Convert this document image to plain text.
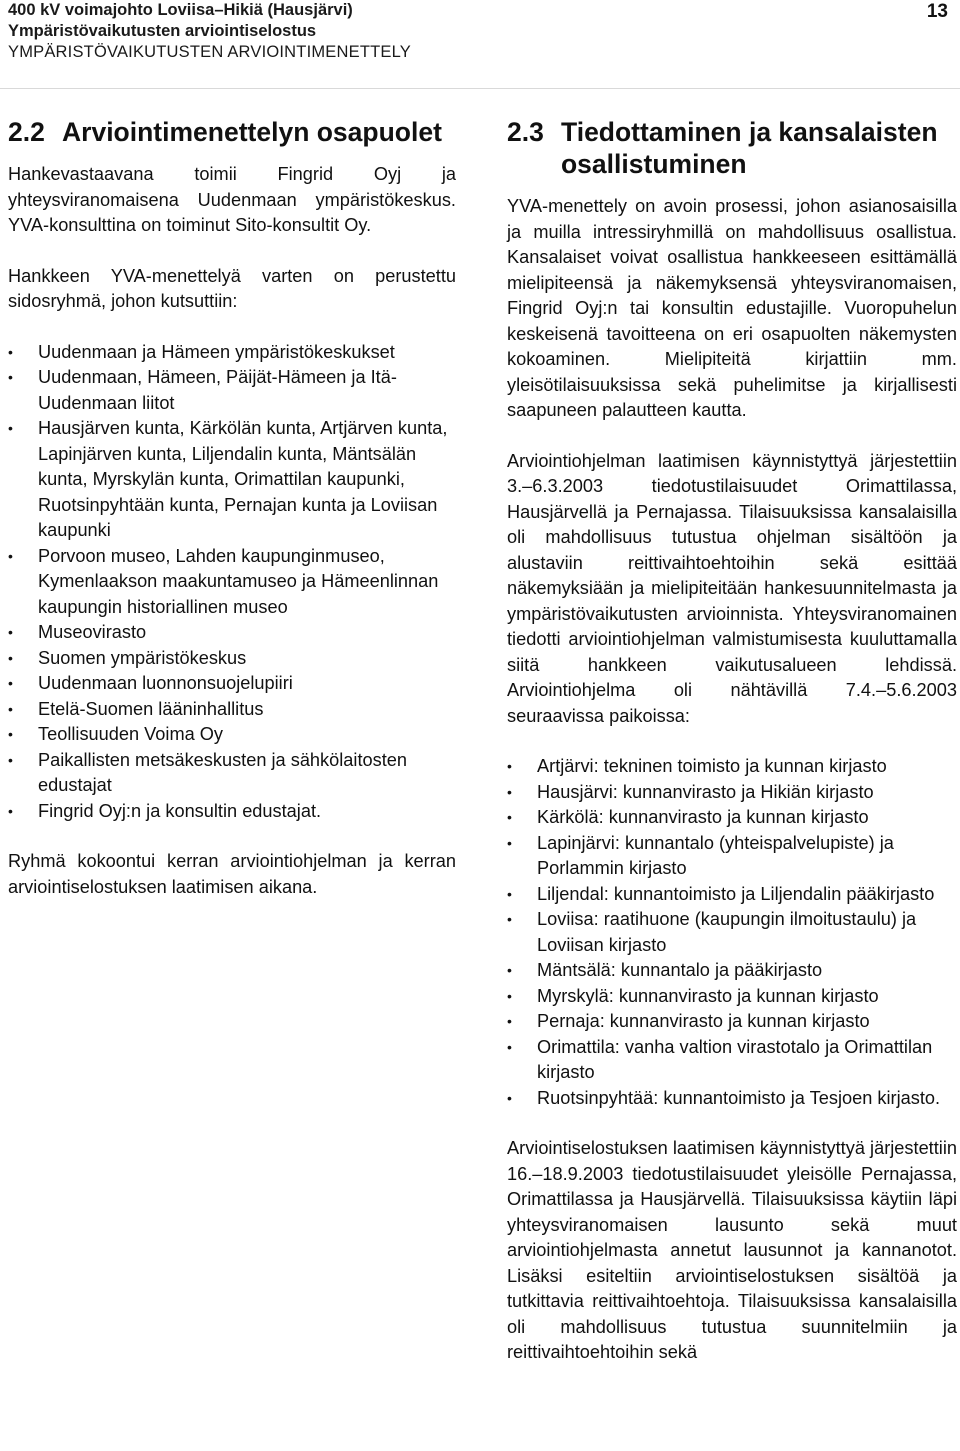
400 kV voimajohto Loviisa–Hikiä (Hausjärvi)
Ympäristövaikutusten arviointiselostus
YMPÄRISTÖVAIKUTUSTEN ARVIOINTIMENETTELY
13
2.2 Arviointimenettelyn osapuolet

Hankevastaavana toimii Fingrid Oyj ja yhteysviranomaisena Uudenmaan ympäristökeskus. YVA-konsulttina on toiminut Sito-konsultit Oy.

Hankkeen YVA-menettelyä varten on perustettu sidosryhmä, johon kutsuttiin:

• Uudenmaan ja Hämeen ympäristökeskukset
• Uudenmaan, Hämeen, Päijät-Hämeen ja Itä-Uudenmaan liitot
• Hausjärven kunta, Kärkölän kunta, Artjärven kunta, Lapinjärven kunta, Liljendalin kunta, Mäntsälän kunta, Myrskylän kunta, Orimattilan kaupunki, Ruotsinpyhtään kunta, Pernajan kunta ja Loviisan kaupunki
• Porvoon museo, Lahden kaupunginmuseo, Kymenlaakson maakuntamuseo ja Hämeenlinnan kaupungin historiallinen museo
• Museovirasto
• Suomen ympäristökeskus
• Uudenmaan luonnonsuojelupiiri
• Etelä-Suomen lääninhallitus
• Teollisuuden Voima Oy
• Paikallisten metsäkeskusten ja sähkölaitosten edustajat
• Fingrid Oyj:n ja konsultin edustajat.

Ryhmä kokoontui kerran arviointiohjelman ja kerran arviointiselostuksen laatimisen aikana.

2.3 Tiedottaminen ja kansalaisten osallistuminen

YVA-menettely on avoin prosessi, johon asianosaisilla ja muilla intressiryhmillä on mahdollisuus osallistua. Kansalaiset voivat osallistua hankkeeseen esittämällä mielipiteensä ja näkemyksensä yhteysviranomaisen, Fingrid Oyj:n tai konsultin edustajille. Vuoropuhelun keskeisenä tavoitteena on eri osapuolten näkemysten kokoaminen. Mielipiteitä kirjattiin mm. yleisötilaisuuksissa sekä puhelimitse ja kirjallisesti saapuneen palautteen kautta.

Arviointiohjelman laatimisen käynnistyttyä järjestettiin 3.–6.3.2003 tiedotustilaisuudet Orimattilassa, Hausjärvellä ja Pernajassa. Tilaisuuksissa kansalaisilla oli mahdollisuus tutustua ohjelman sisältöön ja alustaviin reittivaihtoehtoihin sekä esittää näkemyksiään ja mielipiteitään hankesuunnitelmasta ja ympäristövaikutusten arvioinnista. Yhteysviranomainen tiedotti arviointiohjelman valmistumisesta kuuluttamalla siitä hankkeen vaikutusalueen lehdissä. Arviointiohjelma oli nähtävillä 7.4.–5.6.2003 seuraavissa paikoissa:

• Artjärvi: tekninen toimisto ja kunnan kirjasto
• Hausjärvi: kunnanvirasto ja Hikiän kirjasto
• Kärkölä: kunnanvirasto ja kunnan kirjasto
• Lapinjärvi: kunnantalo (yhteispalvelupiste) ja Porlammin kirjasto
• Liljendal: kunnantoimisto ja Liljendalin pääkirjasto
• Loviisa: raatihuone (kaupungin ilmoitustaulu) ja Loviisan kirjasto
• Mäntsälä: kunnantalo ja pääkirjasto
• Myrskylä: kunnanvirasto ja kunnan kirjasto
• Pernaja: kunnanvirasto ja kunnan kirjasto
• Orimattila: vanha valtion virastotalo ja Orimattilan kirjasto
• Ruotsinpyhtää: kunnantoimisto ja Tesjoen kirjasto.

Arviointiselostuksen laatimisen käynnistyttyä järjestettiin 16.–18.9.2003 tiedotustilaisuudet yleisölle Pernajassa, Orimattilassa ja Hausjärvellä. Tilaisuuksissa käytiin läpi yhteysviranomaisen lausunto sekä muut arviointiohjelmasta annetut lausunnot ja kannanotot. Lisäksi esiteltiin arviointiselostuksen sisältöä ja tutkittavia reittivaihtoehtoja. Tilaisuuksissa kansalaisilla oli mahdollisuus tutustua suunnitelmiin ja reittivaihtoehtoihin sekä
